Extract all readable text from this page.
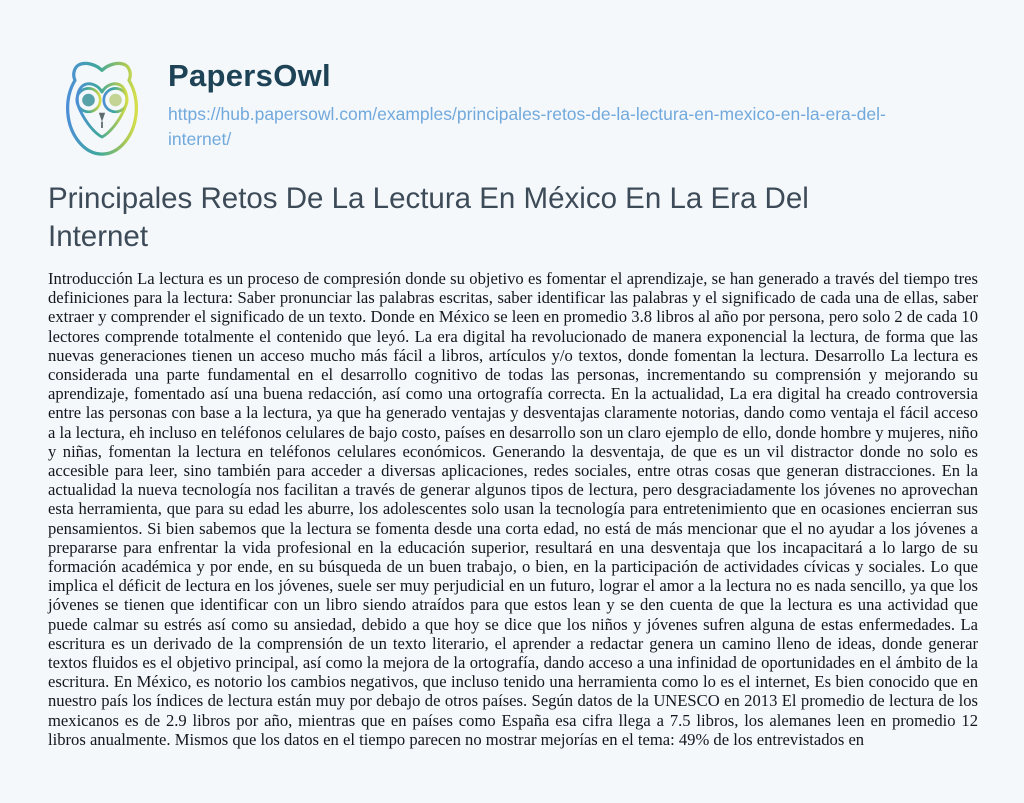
PapersOwl
https://hub.papersowl.com/examples/principales-retos-de-la-lectura-en-mexico-en-la-era-del-internet/
Principales Retos De La Lectura En México En La Era Del Internet

Introducción La lectura es un proceso de compresión donde su objetivo es fomentar el aprendizaje, se han generado a través del tiempo tres definiciones para la lectura: Saber pronunciar las palabras escritas, saber identificar las palabras y el significado de cada una de ellas, saber extraer y comprender el significado de un texto. Donde en México se leen en promedio 3.8 libros al año por persona, pero solo 2 de cada 10 lectores comprende totalmente el contenido que leyó. La era digital ha revolucionado de manera exponencial la lectura, de forma que las nuevas generaciones tienen un acceso mucho más fácil a libros, artículos y/o textos, donde fomentan la lectura. Desarrollo La lectura es considerada una parte fundamental en el desarrollo cognitivo de todas las personas, incrementando su comprensión y mejorando su aprendizaje, fomentado así una buena redacción, así como una ortografía correcta. En la actualidad, La era digital ha creado controversia entre las personas con base a la lectura, ya que ha generado ventajas y desventajas claramente notorias, dando como ventaja el fácil acceso a la lectura, eh incluso en teléfonos celulares de bajo costo, países en desarrollo son un claro ejemplo de ello, donde hombre y mujeres, niño y niñas, fomentan la lectura en teléfonos celulares económicos. Generando la desventaja, de que es un vil distractor donde no solo es accesible para leer, sino también para acceder a diversas aplicaciones, redes sociales, entre otras cosas que generan distracciones. En la actualidad la nueva tecnología nos facilitan a través de generar algunos tipos de lectura, pero desgraciadamente los jóvenes no aprovechan esta herramienta, que para su edad les aburre, los adolescentes solo usan la tecnología para entretenimiento que en ocasiones encierran sus pensamientos. Si bien sabemos que la lectura se fomenta desde una corta edad, no está de más mencionar que el no ayudar a los jóvenes a prepararse para enfrentar la vida profesional en la educación superior, resultará en una desventaja que los incapacitará a lo largo de su formación académica y por ende, en su búsqueda de un buen trabajo, o bien, en la participación de actividades cívicas y sociales. Lo que implica el déficit de lectura en los jóvenes, suele ser muy perjudicial en un futuro, lograr el amor a la lectura no es nada sencillo, ya que los jóvenes se tienen que identificar con un libro siendo atraídos para que estos lean y se den cuenta de que la lectura es una actividad que puede calmar su estrés así como su ansiedad, debido a que hoy se dice que los niños y jóvenes sufren alguna de estas enfermedades. La escritura es un derivado de la comprensión de un texto literario, el aprender a redactar genera un camino lleno de ideas, donde generar textos fluidos es el objetivo principal, así como la mejora de la ortografía, dando acceso a una infinidad de oportunidades en el ámbito de la escritura. En México, es notorio los cambios negativos, que incluso tenido una herramienta como lo es el internet, Es bien conocido que en nuestro país los índices de lectura están muy por debajo de otros países. Según datos de la UNESCO en 2013 El promedio de lectura de los mexicanos es de 2.9 libros por año, mientras que en países como España esa cifra llega a 7.5 libros, los alemanes leen en promedio 12 libros anualmente. Mismos que los datos en el tiempo parecen no mostrar mejorías en el tema: 49% de los entrevistados en
